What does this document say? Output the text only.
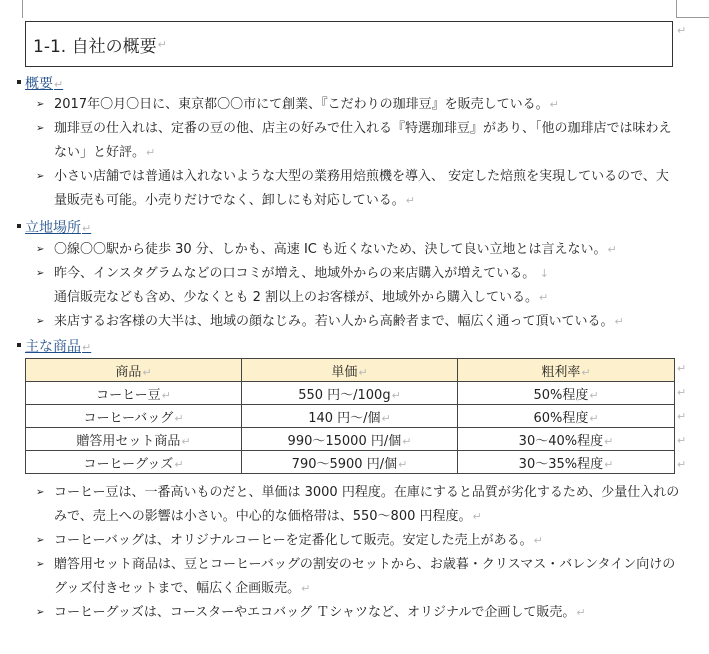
1-1. 自社の概要 ↵
↵
概要↵
➢ 2017年〇月〇日に、東京都〇〇市にて創業、『こだわりの珈琲豆』を販売している。↵
➢ 珈琲豆の仕入れは、定番の豆の他、店主の好みで仕入れる『特選珈琲豆』があり、「他の珈琲店では味わえない」と好評。↵
➢ 小さい店舗では普通は入れないような大型の業務用焙煎機を導入、 安定した焙煎を実現しているので、大量販売も可能。小売りだけでなく、卸しにも対応している。↵
立地場所↵
➢ 〇線〇〇駅から徒歩 30 分、しかも、高速 IC も近くないため、決して良い立地とは言えない。↵
➢ 昨今、インスタグラムなどの口コミが増え、地域外からの来店購入が増えている。 ↓
通信販売なども含め、少なくとも 2 割以上のお客様が、地域外から購入している。↵
➢ 来店するお客様の大半は、地域の顔なじみ。若い人から高齢者まで、幅広く通って頂いている。↵
主な商品↵
商品↵	単価↵	粗利率↵
コーヒー豆↵	550 円～/100g↵	50%程度↵
コーヒーバッグ↵	140 円～/個↵	60%程度↵
贈答用セット商品↵	990～15000 円/個↵	30～40%程度↵
コーヒーグッズ↵	790～5900 円/個↵	30～35%程度↵
↵
↵
↵
↵
↵
➢ コーヒー豆は、一番高いものだと、単価は 3000 円程度。在庫にすると品質が劣化するため、少量仕入れのみで、売上への影響は小さい。中心的な価格帯は、550～800 円程度。↵
➢ コーヒーバッグは、オリジナルコーヒーを定番化して販売。安定した売上がある。↵
➢ 贈答用セット商品は、豆とコーヒーバッグの割安のセットから、お歳暮・クリスマス・バレンタイン向けのグッズ付きセットまで、幅広く企画販売。↵
➢ コーヒーグッズは、コースターやエコバッグ Ｔシャツなど、オリジナルで企画して販売。↵
